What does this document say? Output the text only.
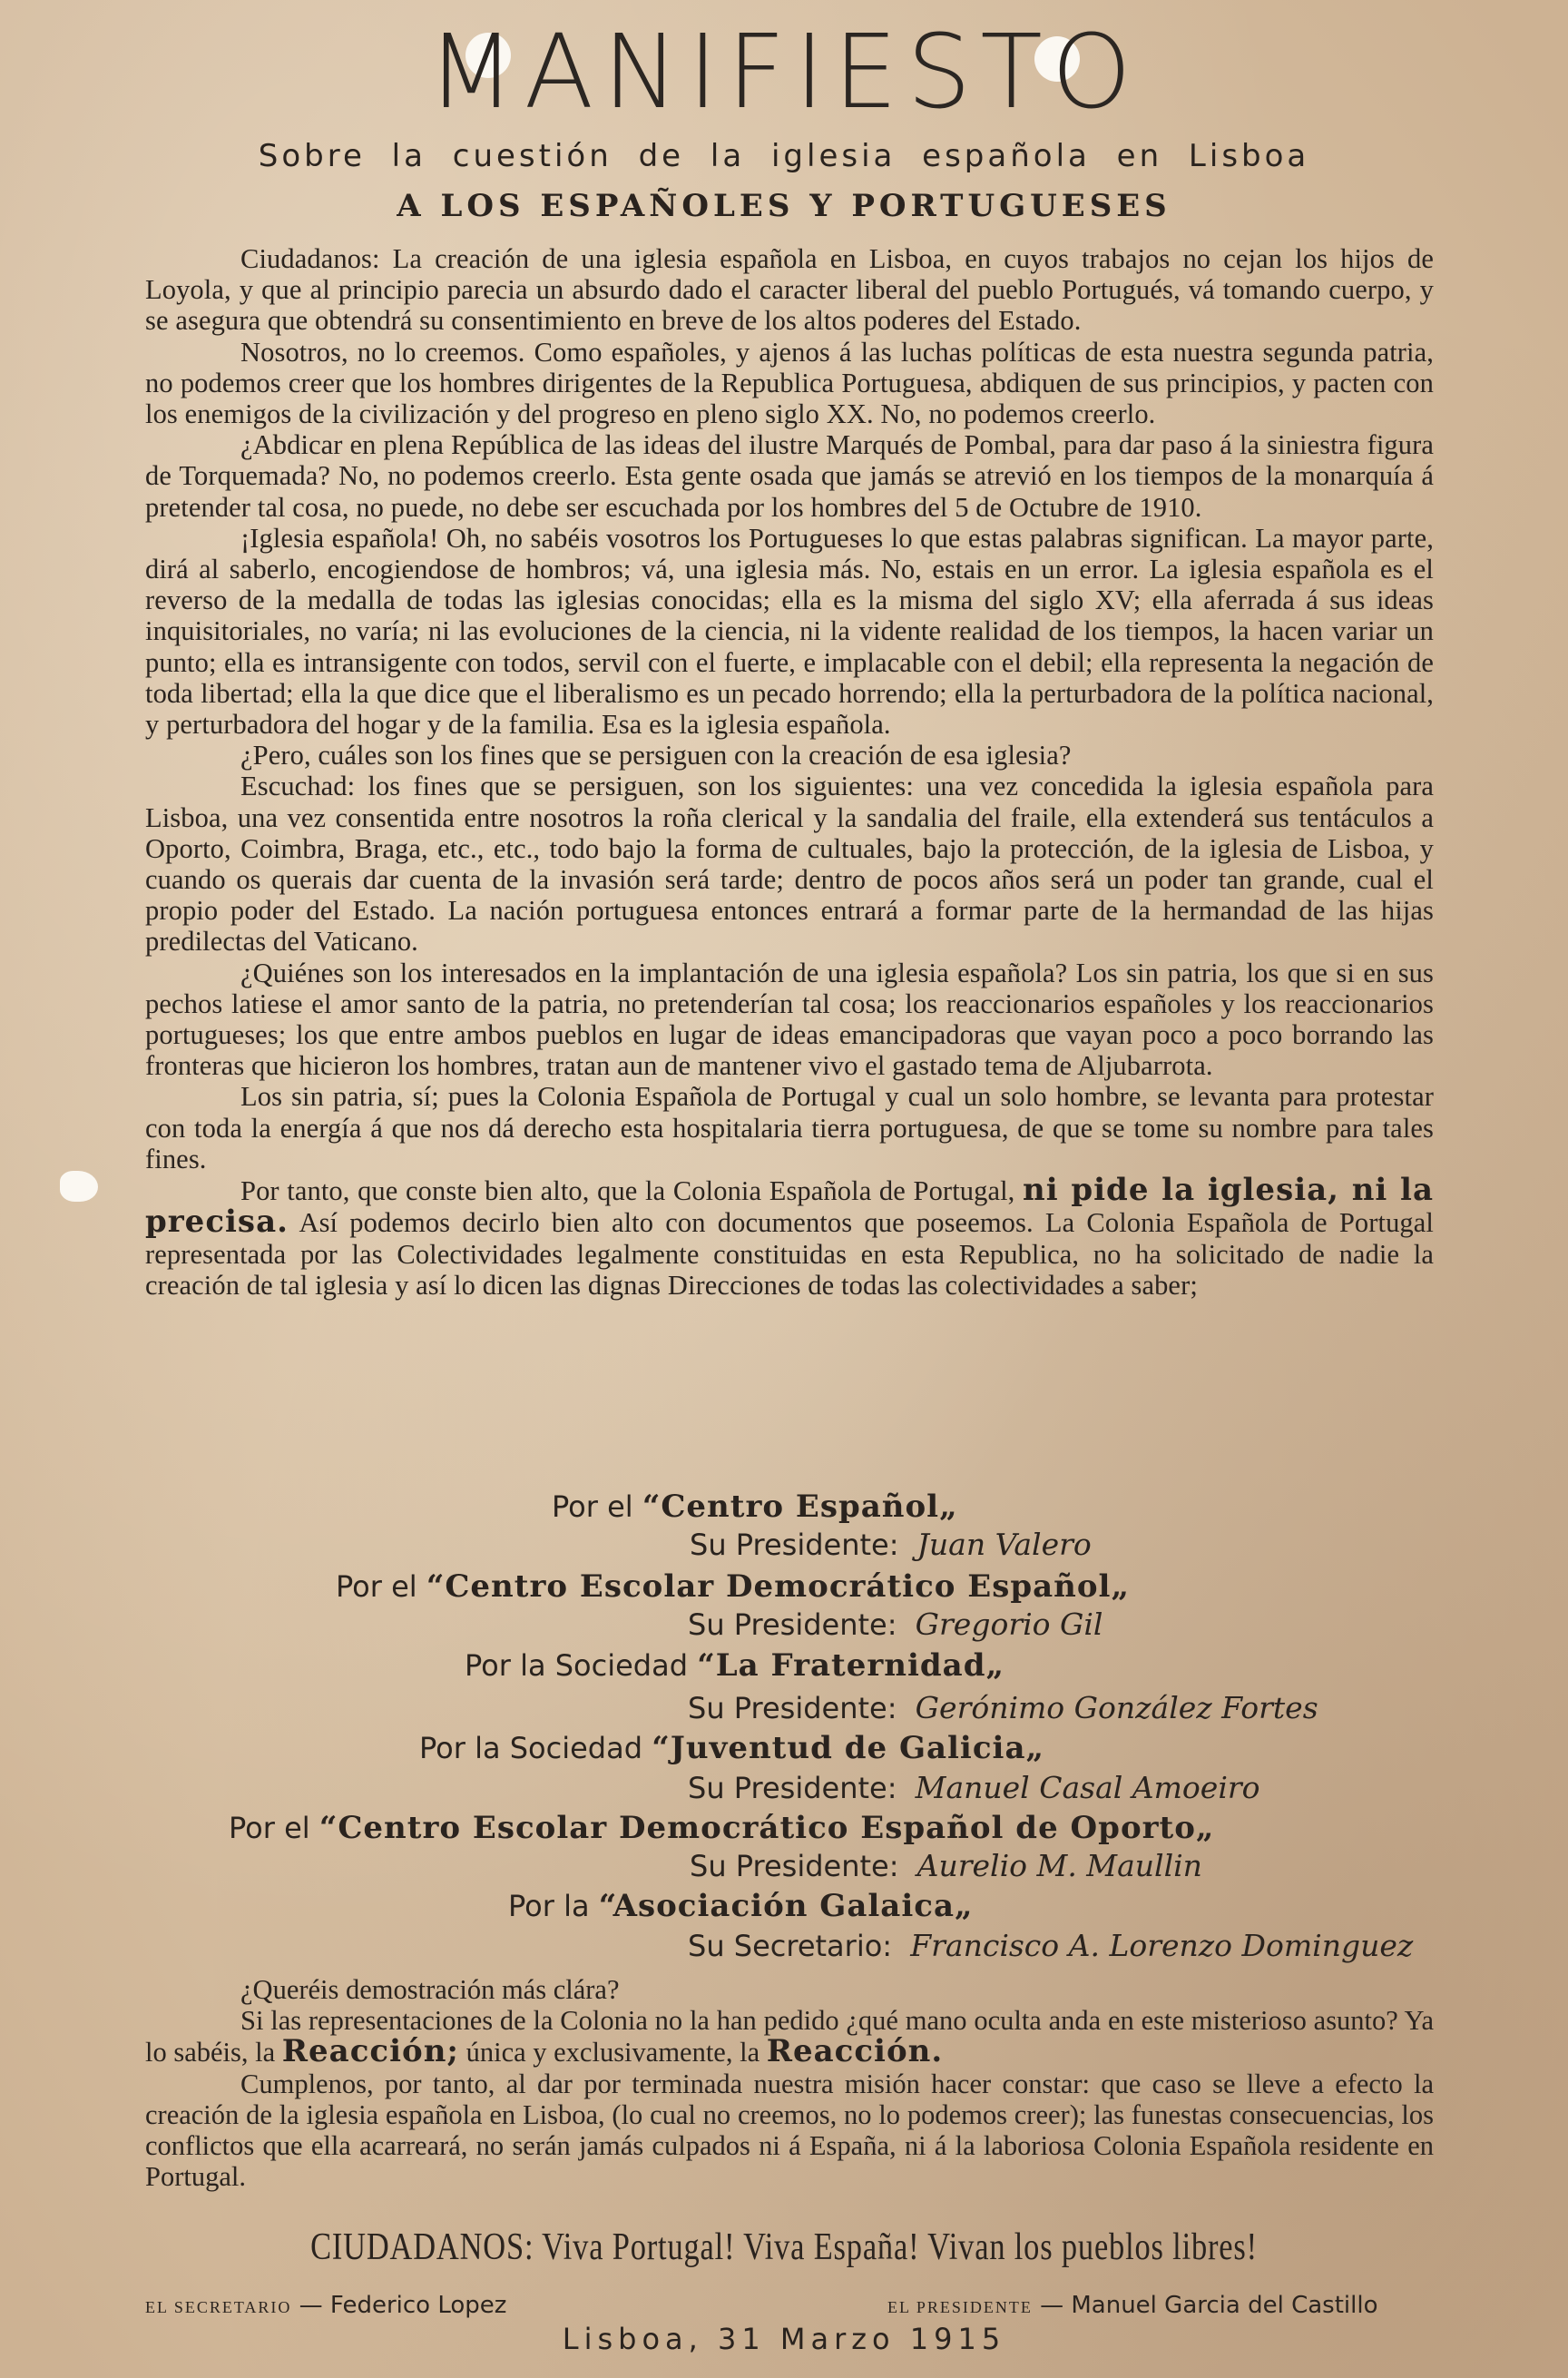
MANIFIESTO
Sobre la cuestión de la iglesia española en Lisboa
A LOS ESPAÑOLES Y PORTUGUESES

Ciudadanos: La creación de una iglesia española en Lisboa, en cuyos trabajos no cejan los hijos de Loyola, y que al principio parecia un absurdo dado el caracter liberal del pueblo Portugués, vá tomando cuerpo, y se asegura que obtendrá su consentimiento en breve de los altos poderes del Estado.

Nosotros, no lo creemos. Como españoles, y ajenos á las luchas políticas de esta nuestra segunda patria, no podemos creer que los hombres dirigentes de la Republica Portuguesa, abdiquen de sus principios, y pacten con los enemigos de la civilización y del progreso en pleno siglo XX. No, no podemos creerlo.

¿Abdicar en plena República de las ideas del ilustre Marqués de Pombal, para dar paso á la siniestra figura de Torquemada? No, no podemos creerlo. Esta gente osada que jamás se atrevió en los tiempos de la monarquía á pretender tal cosa, no puede, no debe ser escuchada por los hombres del 5 de Octubre de 1910.

¡Iglesia española! Oh, no sabéis vosotros los Portugueses lo que estas palabras significan. La mayor parte, dirá al saberlo, encogiendose de hombros; vá, una iglesia más. No, estais en un error. La iglesia española es el reverso de la medalla de todas las iglesias conocidas; ella es la misma del siglo XV; ella aferrada á sus ideas inquisitoriales, no varía; ni las evoluciones de la ciencia, ni la vidente realidad de los tiempos, la hacen variar un punto; ella es intransigente con todos, servil con el fuerte, e implacable con el debil; ella representa la negación de toda libertad; ella la que dice que el liberalismo es un pecado horrendo; ella la perturbadora de la política nacional, y perturbadora del hogar y de la familia. Esa es la iglesia española.

¿Pero, cuáles son los fines que se persiguen con la creación de esa iglesia?

Escuchad: los fines que se persiguen, son los siguientes: una vez concedida la iglesia española para Lisboa, una vez consentida entre nosotros la roña clerical y la sandalia del fraile, ella extenderá sus tentáculos a Oporto, Coimbra, Braga, etc., etc., todo bajo la forma de cultuales, bajo la protección, de la iglesia de Lisboa, y cuando os querais dar cuenta de la invasión será tarde; dentro de pocos años será un poder tan grande, cual el propio poder del Estado. La nación portuguesa entonces entrará a formar parte de la hermandad de las hijas predilectas del Vaticano.

¿Quiénes son los interesados en la implantación de una iglesia española? Los sin patria, los que si en sus pechos latiese el amor santo de la patria, no pretenderían tal cosa; los reaccionarios españoles y los reaccionarios portugueses; los que entre ambos pueblos en lugar de ideas emancipadoras que vayan poco a poco borrando las fronteras que hicieron los hombres, tratan aun de mantener vivo el gastado tema de Aljubarrota.

Los sin patria, sí; pues la Colonia Española de Portugal y cual un solo hombre, se levanta para protestar con toda la energía á que nos dá derecho esta hospitalaria tierra portuguesa, de que se tome su nombre para tales fines.

Por tanto, que conste bien alto, que la Colonia Española de Portugal, ni pide la iglesia, ni la precisa. Así podemos decirlo bien alto con documentos que poseemos. La Colonia Española de Portugal representada por las Colectividades legalmente constituidas en esta Republica, no ha solicitado de nadie la creación de tal iglesia y así lo dicen las dignas Direcciones de todas las colectividades a saber;

Por el “Centro Español„
Su Presidente: Juan Valero
Por el “Centro Escolar Democrático Español„
Su Presidente: Gregorio Gil
Por la Sociedad “La Fraternidad„
Su Presidente: Gerónimo González Fortes
Por la Sociedad “Juventud de Galicia„
Su Presidente: Manuel Casal Amoeiro
Por el “Centro Escolar Democrático Español de Oporto„
Su Presidente: Aurelio M. Maullin
Por la “Asociación Galaica„
Su Secretario: Francisco A. Lorenzo Dominguez

¿Queréis demostración más clára?

Si las representaciones de la Colonia no la han pedido ¿qué mano oculta anda en este misterioso asunto? Ya lo sabéis, la Reacción; única y exclusivamente, la Reacción.

Cumplenos, por tanto, al dar por terminada nuestra misión hacer constar: que caso se lleve a efecto la creación de la iglesia española en Lisboa, (lo cual no creemos, no lo podemos creer); las funestas consecuencias, los conflictos que ella acarreará, no serán jamás culpados ni á España, ni á la laboriosa Colonia Española residente en Portugal.

CIUDADANOS: Viva Portugal! Viva España! Vivan los pueblos libres!
EL SECRETARIO — Federico Lopez	EL PRESIDENTE — Manuel Garcia del Castillo
Lisboa, 31 Marzo 1915
